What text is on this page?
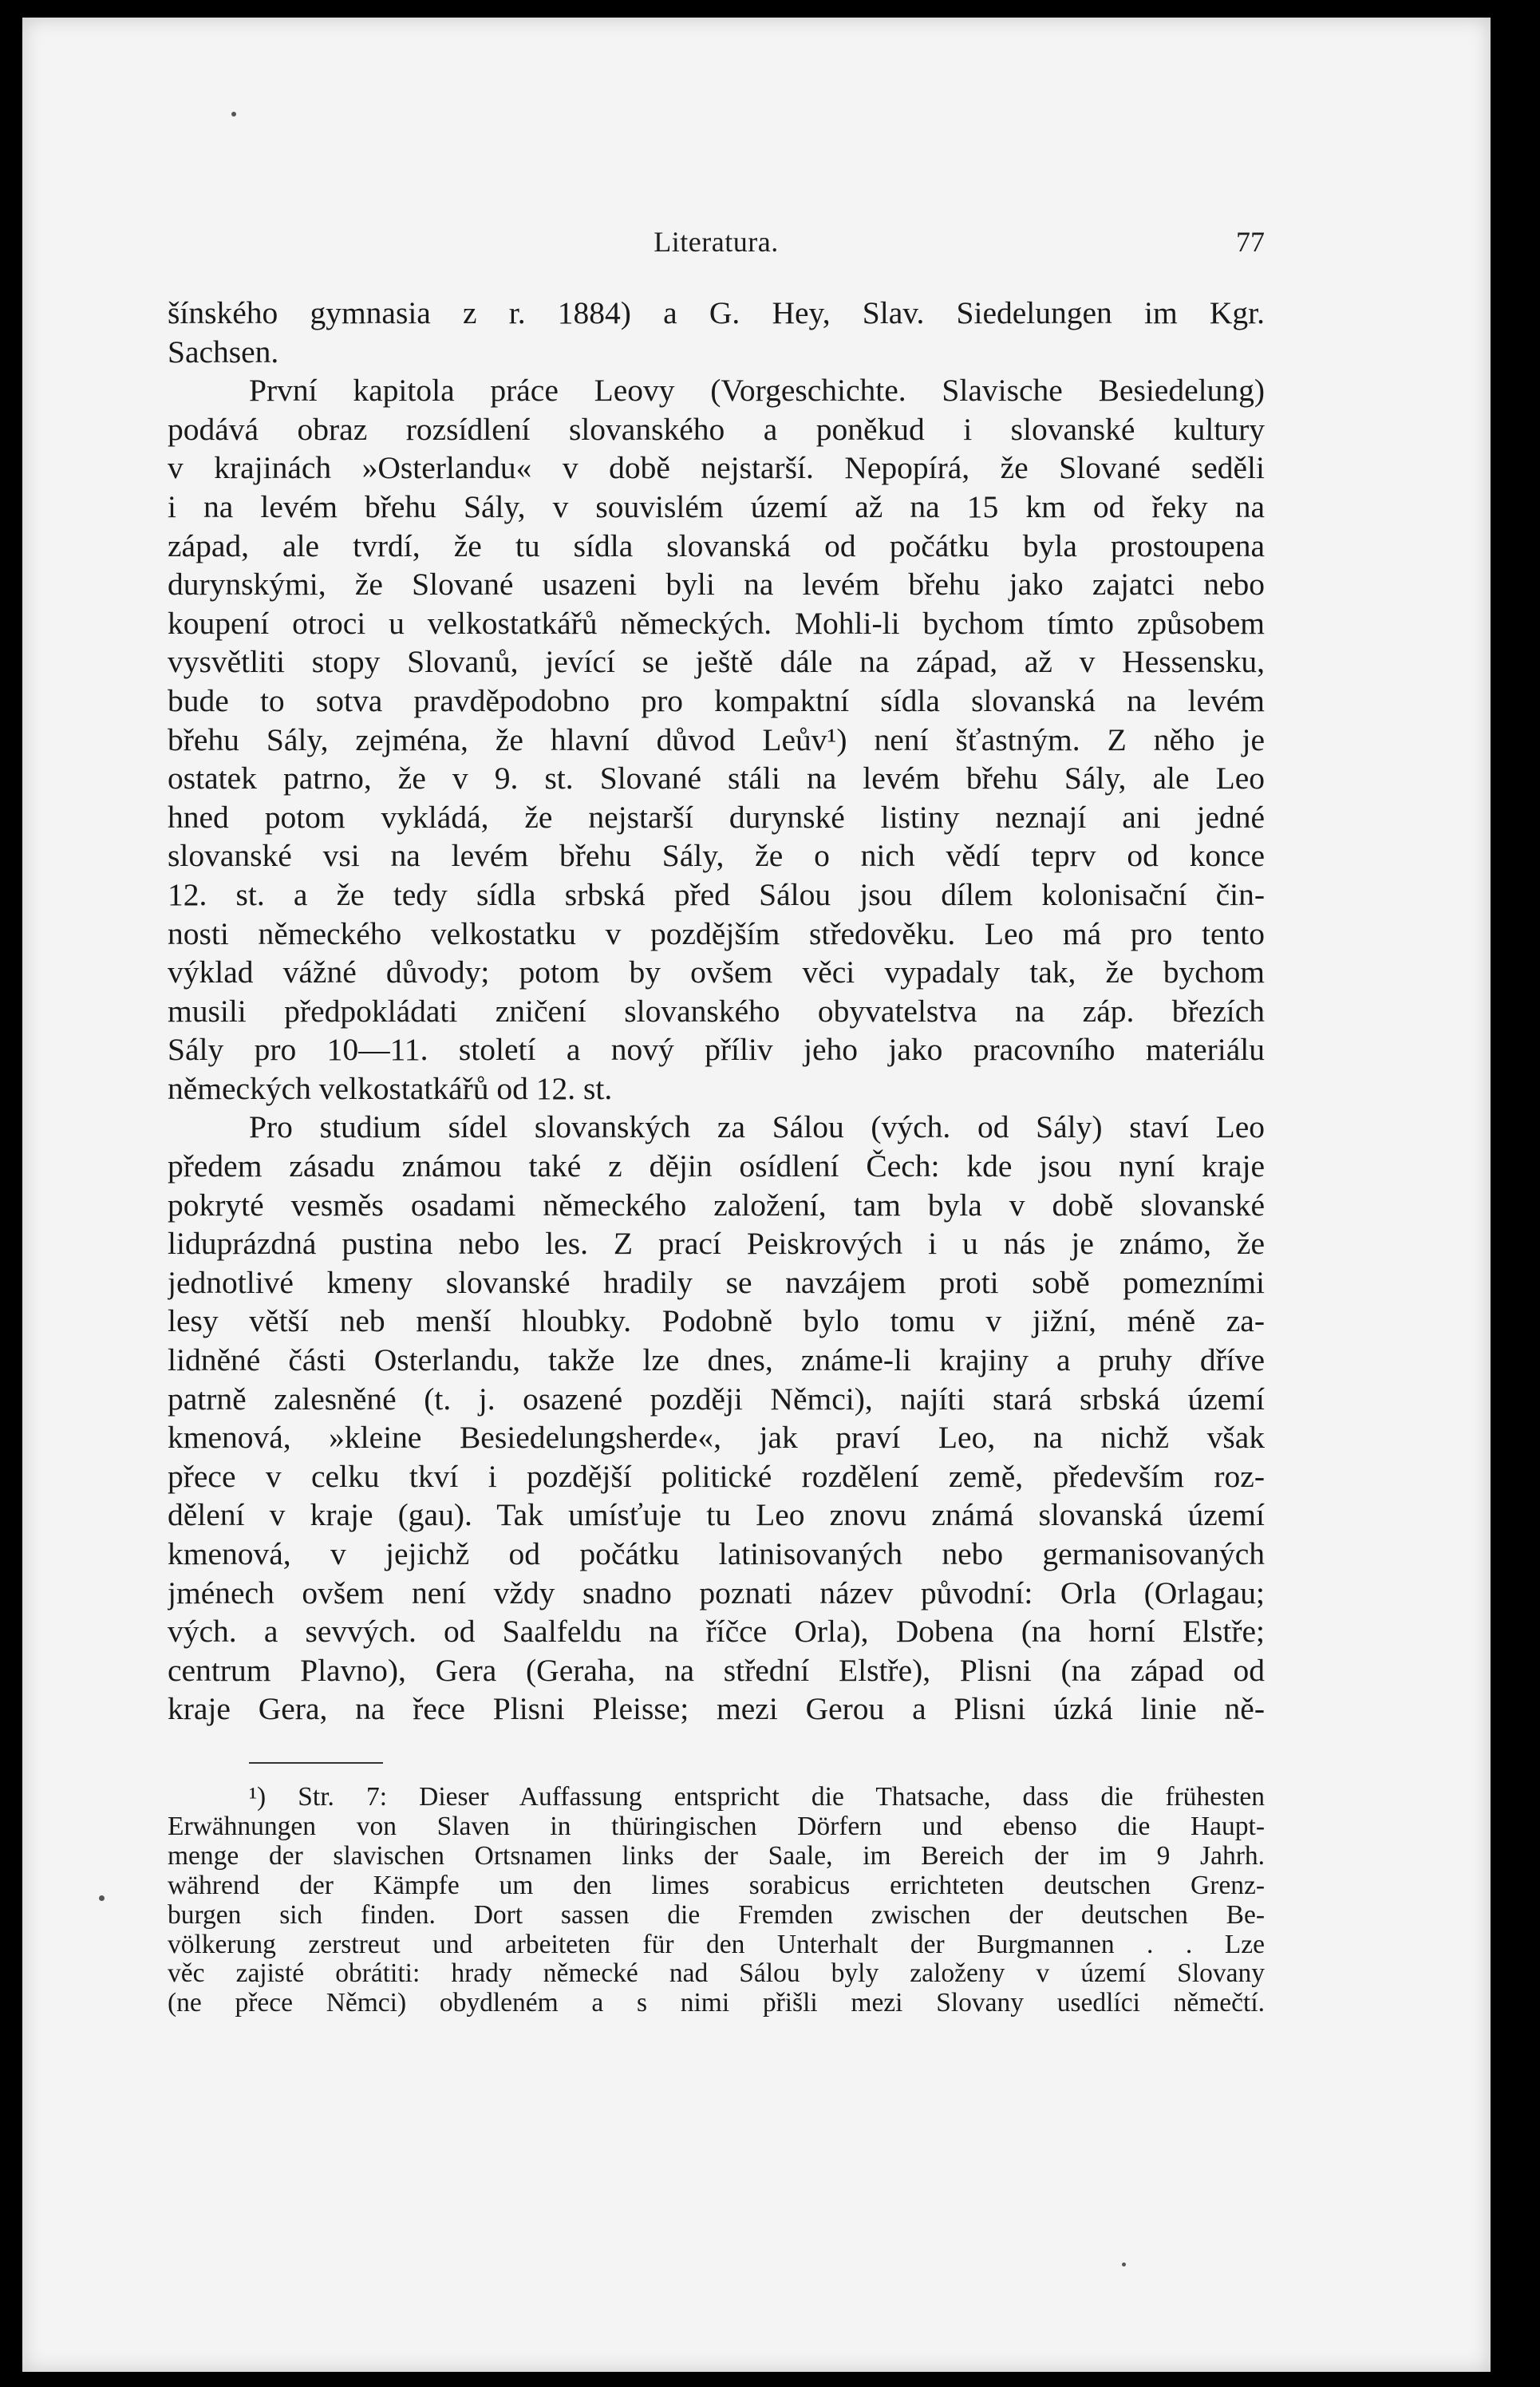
Literatura.	77

šínského gymnasia z r. 1884) a G. Hey, Slav. Siedelungen im Kgr.

Sachsen.

První kapitola práce Leovy (Vorgeschichte. Slavische Besiedelung)

podává obraz rozsídlení slovanského a poněkud i slovanské kultury

v krajinách »Osterlandu« v době nejstarší. Nepopírá, že Slované seděli

i na levém břehu Sály, v souvislém území až na 15 km od řeky na

západ, ale tvrdí, že tu sídla slovanská od počátku byla prostoupena

durynskými, že Slované usazeni byli na levém břehu jako zajatci nebo

koupení otroci u velkostatkářů německých. Mohli-li bychom tímto způsobem

vysvětliti stopy Slovanů, jevící se ještě dále na západ, až v Hessensku,

bude to sotva pravděpodobno pro kompaktní sídla slovanská na levém

břehu Sály, zejména, že hlavní důvod Leův¹) není šťastným. Z něho je

ostatek patrno, že v 9. st. Slované stáli na levém břehu Sály, ale Leo

hned potom vykládá, že nejstarší durynské listiny neznají ani jedné

slovanské vsi na levém břehu Sály, že o nich vědí teprv od konce

12. st. a že tedy sídla srbská před Sálou jsou dílem kolonisační čin-

nosti německého velkostatku v pozdějším středověku. Leo má pro tento

výklad vážné důvody; potom by ovšem věci vypadaly tak, že bychom

musili předpokládati zničení slovanského obyvatelstva na záp. březích

Sály pro 10—11. století a nový příliv jeho jako pracovního materiálu

německých velkostatkářů od 12. st.

Pro studium sídel slovanských za Sálou (vých. od Sály) staví Leo

předem zásadu známou také z dějin osídlení Čech: kde jsou nyní kraje

pokryté vesměs osadami německého založení, tam byla v době slovanské

liduprázdná pustina nebo les. Z prací Peiskrových i u nás je známo, že

jednotlivé kmeny slovanské hradily se navzájem proti sobě pomezními

lesy větší neb menší hloubky. Podobně bylo tomu v jižní, méně za-

lidněné části Osterlandu, takže lze dnes, známe-li krajiny a pruhy dříve

patrně zalesněné (t. j. osazené později Němci), najíti stará srbská území

kmenová, »kleine Besiedelungsherde«, jak praví Leo, na nichž však

přece v celku tkví i pozdější politické rozdělení země, především roz-

dělení v kraje (gau). Tak umísťuje tu Leo znovu známá slovanská území

kmenová, v jejichž od počátku latinisovaných nebo germanisovaných

jménech ovšem není vždy snadno poznati název původní: Orla (Orlagau;

vých. a sevvých. od Saalfeldu na říčce Orla), Dobena (na horní Elstře;

centrum Plavno), Gera (Geraha, na střední Elstře), Plisni (na západ od

kraje Gera, na řece Plisni Pleisse; mezi Gerou a Plisni úzká linie ně-

¹) Str. 7: Dieser Auffassung entspricht die Thatsache, dass die frühesten

Erwähnungen von Slaven in thüringischen Dörfern und ebenso die Haupt-

menge der slavischen Ortsnamen links der Saale, im Bereich der im 9 Jahrh.

während der Kämpfe um den limes sorabicus errichteten deutschen Grenz-

burgen sich finden. Dort sassen die Fremden zwischen der deutschen Be-

völkerung zerstreut und arbeiteten für den Unterhalt der Burgmannen . . Lze

věc zajisté obrátiti: hrady německé nad Sálou byly založeny v území Slovany

(ne přece Němci) obydleném a s nimi přišli mezi Slovany usedlíci němečtí.
